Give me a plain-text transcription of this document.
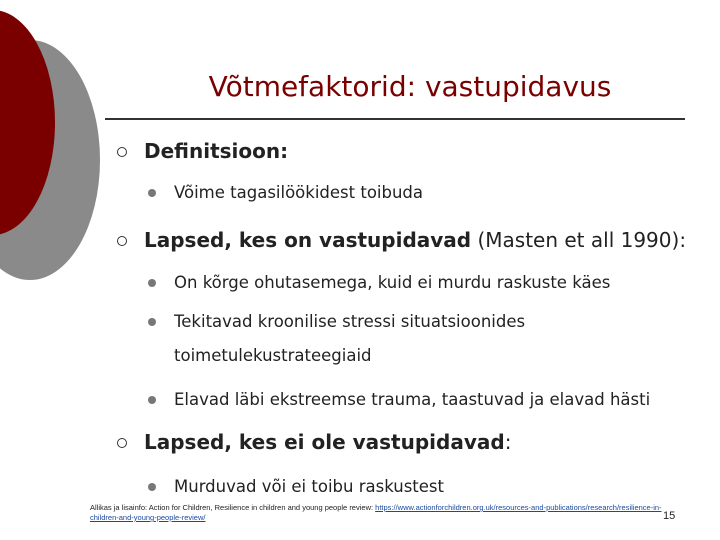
Võtmefaktorid: vastupidavus
Definitsioon:
Võime tagasilöökidest toibuda
Lapsed, kes on vastupidavad (Masten et all 1990):
On kõrge ohutasemega, kuid ei murdu raskuste käes
Tekitavad kroonilise stressi situatsioonides
toimetulekustrateegiaid
Elavad läbi ekstreemse trauma, taastuvad ja elavad hästi
Lapsed, kes ei ole vastupidavad:
Murduvad või ei toibu raskustest
Allikas ja lisainfo: Action for Children, Resilience in children and young people review: https://www.actionforchildren.org.uk/resources-and-publications/research/resilience-in-children-and-young-people-review/	15
